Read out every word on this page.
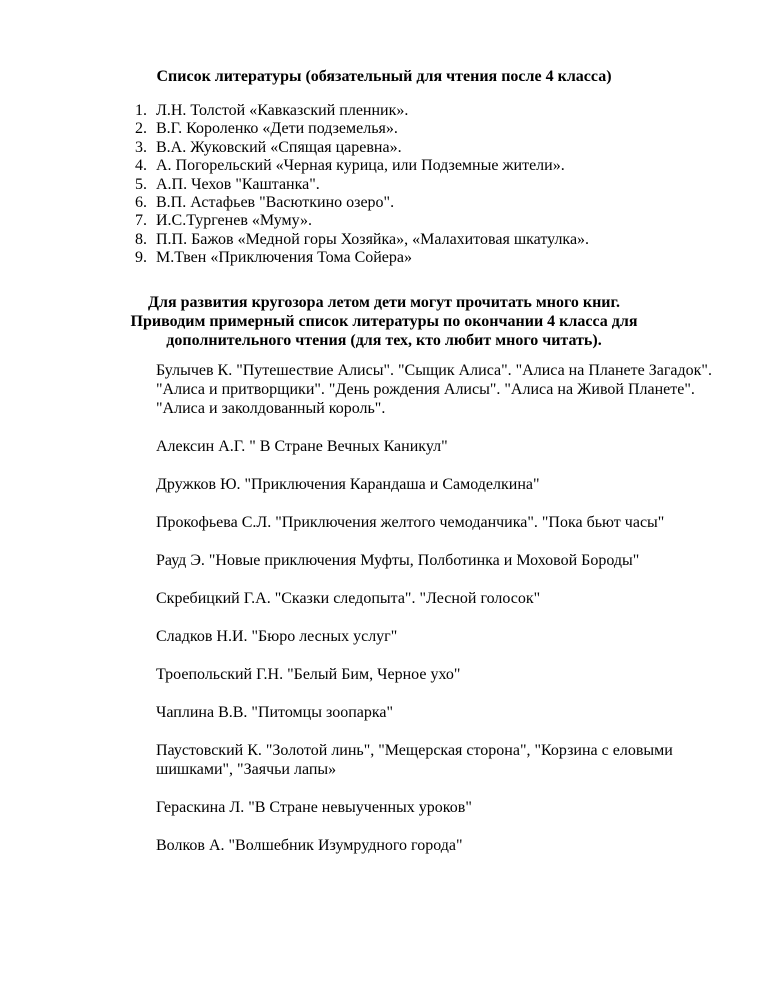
Список литературы (обязательный для чтения после 4 класса)
1. Л.Н. Толстой «Кавказский пленник».
2. В.Г. Короленко «Дети подземелья».
3. В.А. Жуковский «Спящая царевна».
4. А. Погорельский «Черная курица, или Подземные жители».
5. А.П. Чехов "Каштанка".
6. В.П. Астафьев "Васюткино озеро".
7. И.С.Тургенев «Муму».
8. П.П. Бажов «Медной горы Хозяйка», «Малахитовая шкатулка».
9. М.Твен «Приключения Тома Сойера»
Для развития кругозора летом дети могут прочитать много книг.
Приводим примерный список литературы по окончании 4 класса для
дополнительного чтения (для тех, кто любит много читать).

Булычев К. "Путешествие Алисы". "Сыщик Алиса". "Алиса на Планете Загадок". "Алиса и притворщики". "День рождения Алисы". "Алиса на Живой Планете". "Алиса и заколдованный король".

Алексин А.Г. " В Стране Вечных Каникул"

Дружков Ю. "Приключения Карандаша и Самоделкина"

Прокофьева С.Л. "Приключения желтого чемоданчика". "Пока бьют часы"

Рауд Э. "Новые приключения Муфты, Полботинка и Моховой Бороды"

Скребицкий Г.А. "Сказки следопыта". "Лесной голосок"

Сладков Н.И. "Бюро лесных услуг"

Троепольский Г.Н. "Белый Бим, Черное ухо"

Чаплина В.В. "Питомцы зоопарка"

Паустовский К. "Золотой линь", "Мещерская сторона", "Корзина с еловыми шишками", "Заячьи лапы»

Гераскина Л. "В Стране невыученных уроков"

Волков А. "Волшебник Изумрудного города"
